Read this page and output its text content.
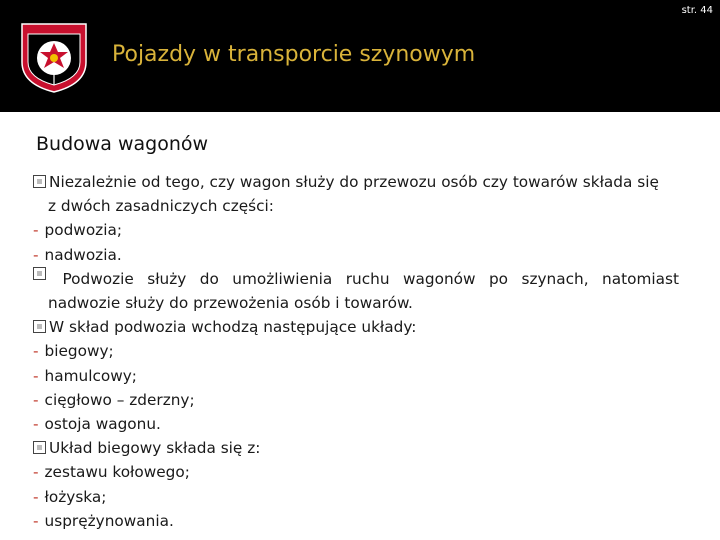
str. 44
Pojazdy w transporcie szynowym
Budowa wagonów
Niezależnie od tego, czy wagon służy do przewozu osób czy towarów składa się
z dwóch zasadniczych części:
- podwozia;
- nadwozia.
Podwozie służy do umożliwienia ruchu wagonów po szynach, natomiast
nadwozie służy do przewożenia osób i towarów.
W skład podwozia wchodzą następujące układy:
- biegowy;
- hamulcowy;
- cięgłowo – zderzny;
- ostoja wagonu.
Układ biegowy składa się z:
- zestawu kołowego;
- łożyska;
- usprężynowania.
